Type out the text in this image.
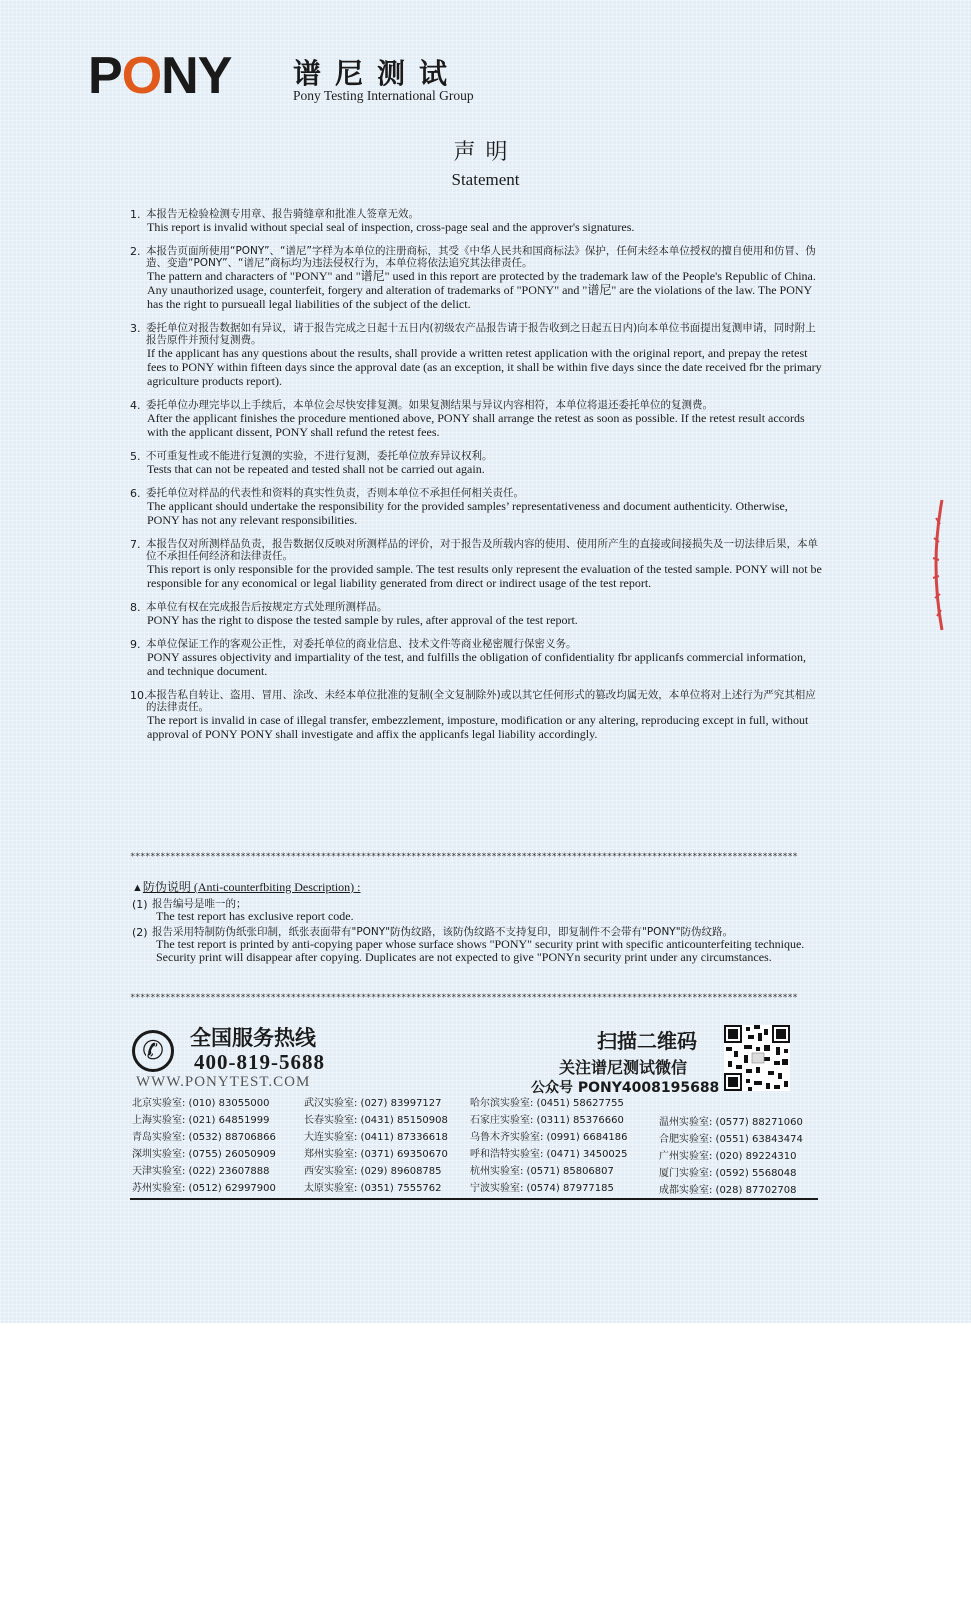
PONY 谱尼测试
Pony Testing International Group
声明
Statement
1. 本报告无检验检测专用章、报告骑缝章和批准人签章无效。
This report is invalid without special seal of inspection, cross-page seal and the approver's signatures.
2. 本报告页面所使用“PONY”、“谱尼”字样为本单位的注册商标，其受《中华人民共和国商标法》保护，任何未经本单位授权的擅自使用和仿冒、伪造、变造“PONY”、“谱尼”商标均为违法侵权行为，本单位将依法追究其法律责任。
The pattern and characters of "PONY" and "谱尼" used in this report are protected by the trademark law of the People's Republic of China. Any unauthorized usage, counterfeit, forgery and alteration of trademarks of "PONY" and "谱尼" are the violations of the law. The PONY has the right to pursueall legal liabilities of the subject of the delict.
3. 委托单位对报告数据如有异议，请于报告完成之日起十五日内(初级农产品报告请于报告收到之日起五日内)向本单位书面提出复测申请，同时附上报告原件并预付复测费。
If the applicant has any questions about the results, shall provide a written retest application with the original report, and prepay the retest fees to PONY within fifteen days since the approval date (as an exception, it shall be within five days since the date received fbr the primary agriculture products report).
4. 委托单位办理完毕以上手续后，本单位会尽快安排复测。如果复测结果与异议内容相符，本单位将退还委托单位的复测费。
After the applicant finishes the procedure mentioned above, PONY shall arrange the retest as soon as possible. If the retest result accords with the applicant dissent, PONY shall refund the retest fees.
5. 不可重复性或不能进行复测的实验，不进行复测，委托单位放弃异议权利。
Tests that can not be repeated and tested shall not be carried out again.
6. 委托单位对样品的代表性和资料的真实性负责，否则本单位不承担任何相关责任。
The applicant should undertake the responsibility for the provided samples’ representativeness and document authenticity. Otherwise, PONY has not any relevant responsibilities.
7. 本报告仅对所测样品负责，报告数据仅反映对所测样品的评价，对于报告及所载内容的使用、使用所产生的直接或间接损失及一切法律后果，本单位不承担任何经济和法律责任。
This report is only responsible for the provided sample. The test results only represent the evaluation of the tested sample. PONY will not be responsible for any economical or legal liability generated from direct or indirect usage of the test report.
8. 本单位有权在完成报告后按规定方式处理所测样品。
PONY has the right to dispose the tested sample by rules, after approval of the test report.
9. 本单位保证工作的客观公正性，对委托单位的商业信息、技术文件等商业秘密履行保密义务。
PONY assures objectivity and impartiality of the test, and fulfills the obligation of confidentiality fbr applicanfs commercial information, and technique document.
10.
本报告私自转让、盗用、冒用、涂改、未经本单位批准的复制(全文复制除外)或以其它任何形式的篡改均属无效，本单位将对上述行为严究其相应的法律责任。
The report is invalid in case of illegal transfer, embezzlement, imposture, modification or any altering, reproducing except in full, without approval of PONY PONY shall investigate and affix the applicanfs legal liability accordingly.
*************************************************************************************************************************************
▲防伪说明 (Anti-counterfbiting Description) :
(1) 报告编号是唯一的；
The test report has exclusive report code.
(2) 报告采用特制防伪纸张印制，纸张表面带有"PONY"防伪纹路，该防伪纹路不支持复印，即复制件不会带有"PONY"防伪纹路。
The test report is printed by anti-copying paper whose surface shows "PONY" security print with specific anticounterfeiting technique. Security print will disappear after copying. Duplicates are not expected to give "PONYn security print under any circumstances.
*************************************************************************************************************************************
✆	全国服务热线
400-819-5688
WWW.PONYTEST.COM
扫描二维码
关注谱尼测试微信
公众号 PONY4008195688
北京实验室: (010) 83055000
上海实验室: (021) 64851999
青岛实验室: (0532) 88706866
深圳实验室: (0755) 26050909
天津实验室: (022) 23607888
苏州实验室: (0512) 62997900
武汉实验室: (027) 83997127
长春实验室: (0431) 85150908
大连实验室: (0411) 87336618
郑州实验室: (0371) 69350670
西安实验室: (029) 89608785
太原实验室: (0351) 7555762
哈尔滨实验室: (0451) 58627755
石家庄实验室: (0311) 85376660
乌鲁木齐实验室: (0991) 6684186
呼和浩特实验室: (0471) 3450025
杭州实验室: (0571) 85806807
宁波实验室: (0574) 87977185
温州实验室: (0577) 88271060
合肥实验室: (0551) 63843474
广州实验室: (020) 89224310
厦门实验室: (0592) 5568048
成都实验室: (028) 87702708
